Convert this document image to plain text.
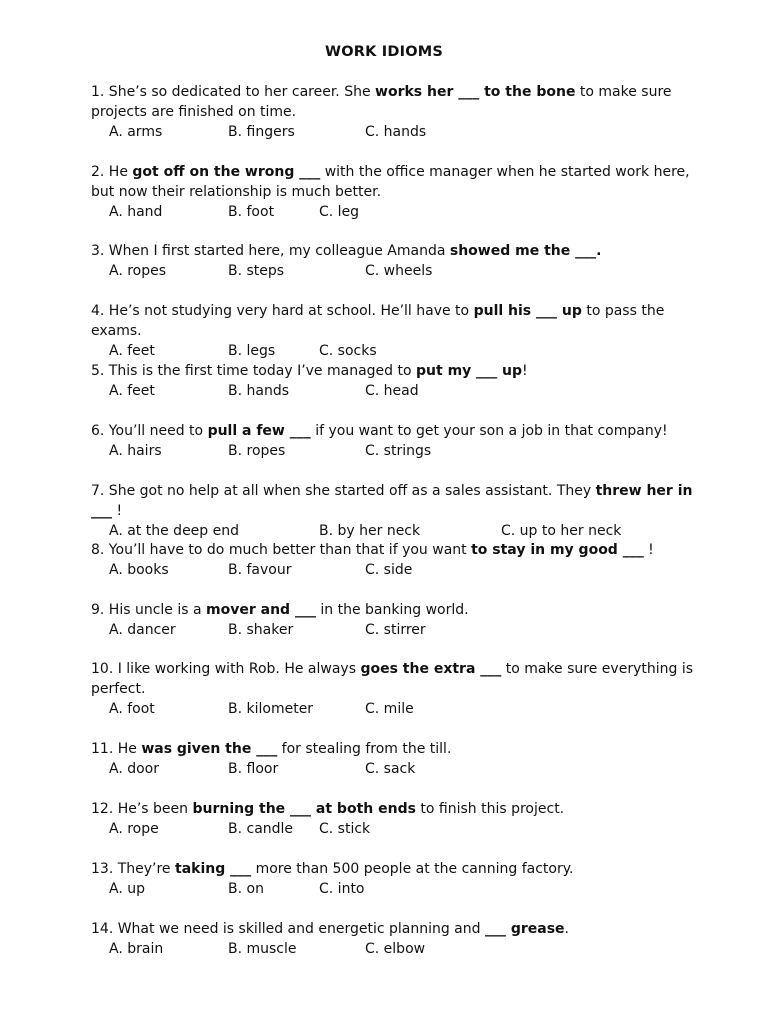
WORK IDIOMS
1. She’s so dedicated to her career. She works her ___ to the bone to make sure projects are finished on time.
A. arms	B. fingers	C. hands
2. He got off on the wrong ___ with the office manager when he started work here, but now their relationship is much better.
A. hand	B. foot	C. leg
3. When I first started here, my colleague Amanda showed me the ___.
A. ropes	B. steps	C. wheels
4. He’s not studying very hard at school. He’ll have to pull his ___ up to pass the exams.
A. feet	B. legs	C. socks
5. This is the first time today I’ve managed to put my ___ up!
A. feet	B. hands	C. head
6. You’ll need to pull a few ___ if you want to get your son a job in that company!
A. hairs	B. ropes	C. strings
7. She got no help at all when she started off as a sales assistant. They threw her in ___ !
A. at the deep end	B. by her neck	C. up to her neck
8. You’ll have to do much better than that if you want to stay in my good ___ !
A. books	B. favour	C. side
9. His uncle is a mover and ___ in the banking world.
A. dancer	B. shaker	C. stirrer
10. I like working with Rob. He always goes the extra ___ to make sure everything is perfect.
A. foot	B. kilometer	C. mile
11. He was given the ___ for stealing from the till.
A. door	B. floor	C. sack
12. He’s been burning the ___ at both ends to finish this project.
A. rope	B. candle C. stick
13. They’re taking ___ more than 500 people at the canning factory.
A. up	B. on	C. into
14. What we need is skilled and energetic planning and ___ grease.
A. brain	B. muscle	C. elbow
